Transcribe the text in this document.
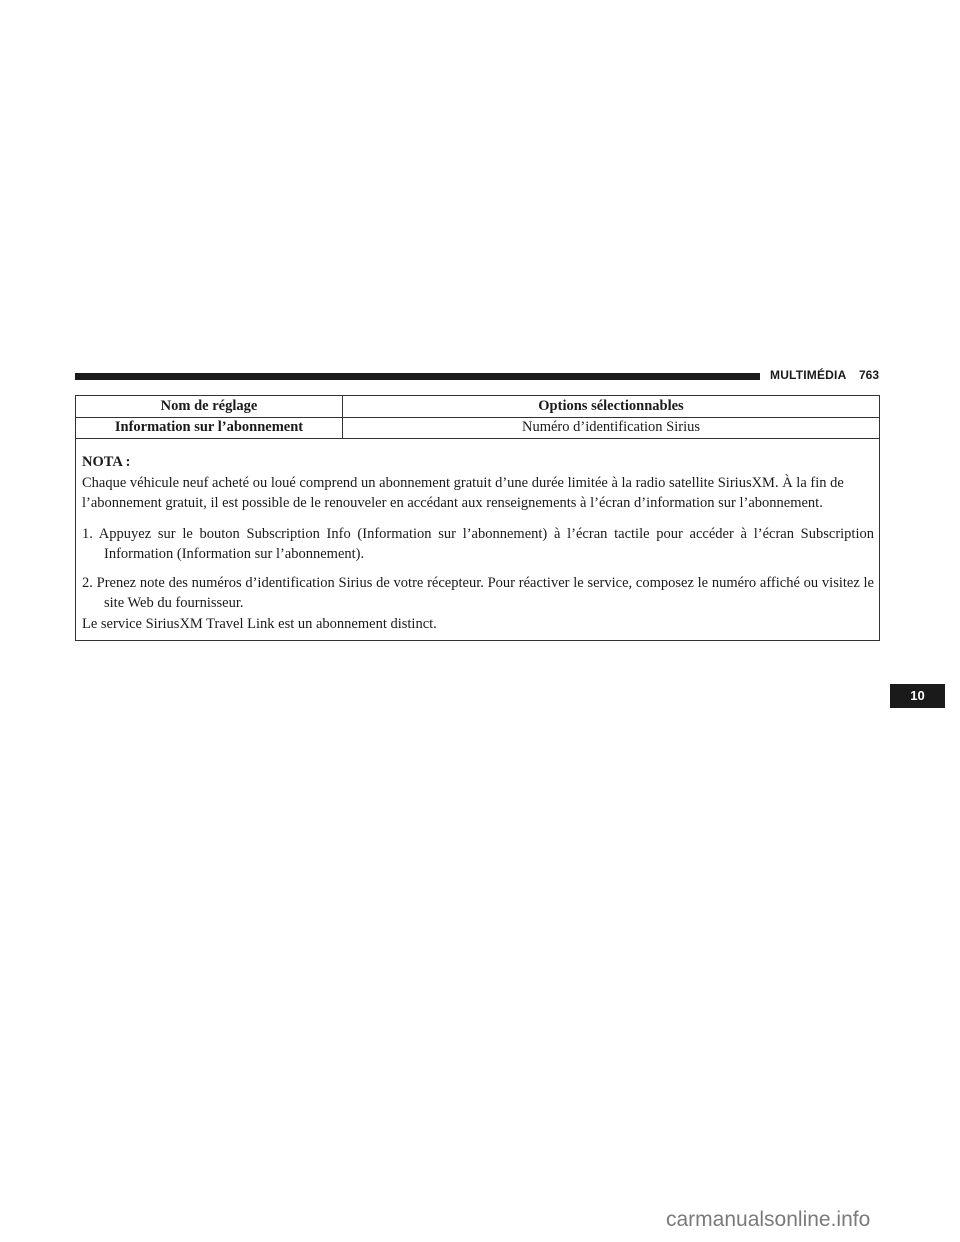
MULTIMÉDIA 763
Nom de réglage	Options sélectionnables
Information sur l’abonnement	Numéro d’identification Sirius
NOTA :
Chaque véhicule neuf acheté ou loué comprend un abonnement gratuit d’une durée limitée à la radio satellite SiriusXM. À la fin de l’abonnement gratuit, il est possible de le renouveler en accédant aux renseignements à l’écran d’information sur l’abonnement.
1. Appuyez sur le bouton Subscription Info (Information sur l’abonnement) à l’écran tactile pour accéder à l’écran Subscription Information (Information sur l’abonnement).
2. Prenez note des numéros d’identification Sirius de votre récepteur. Pour réactiver le service, composez le numéro affiché ou visitez le site Web du fournisseur.
Le service SiriusXM Travel Link est un abonnement distinct.
10
carmanualsonline.info
